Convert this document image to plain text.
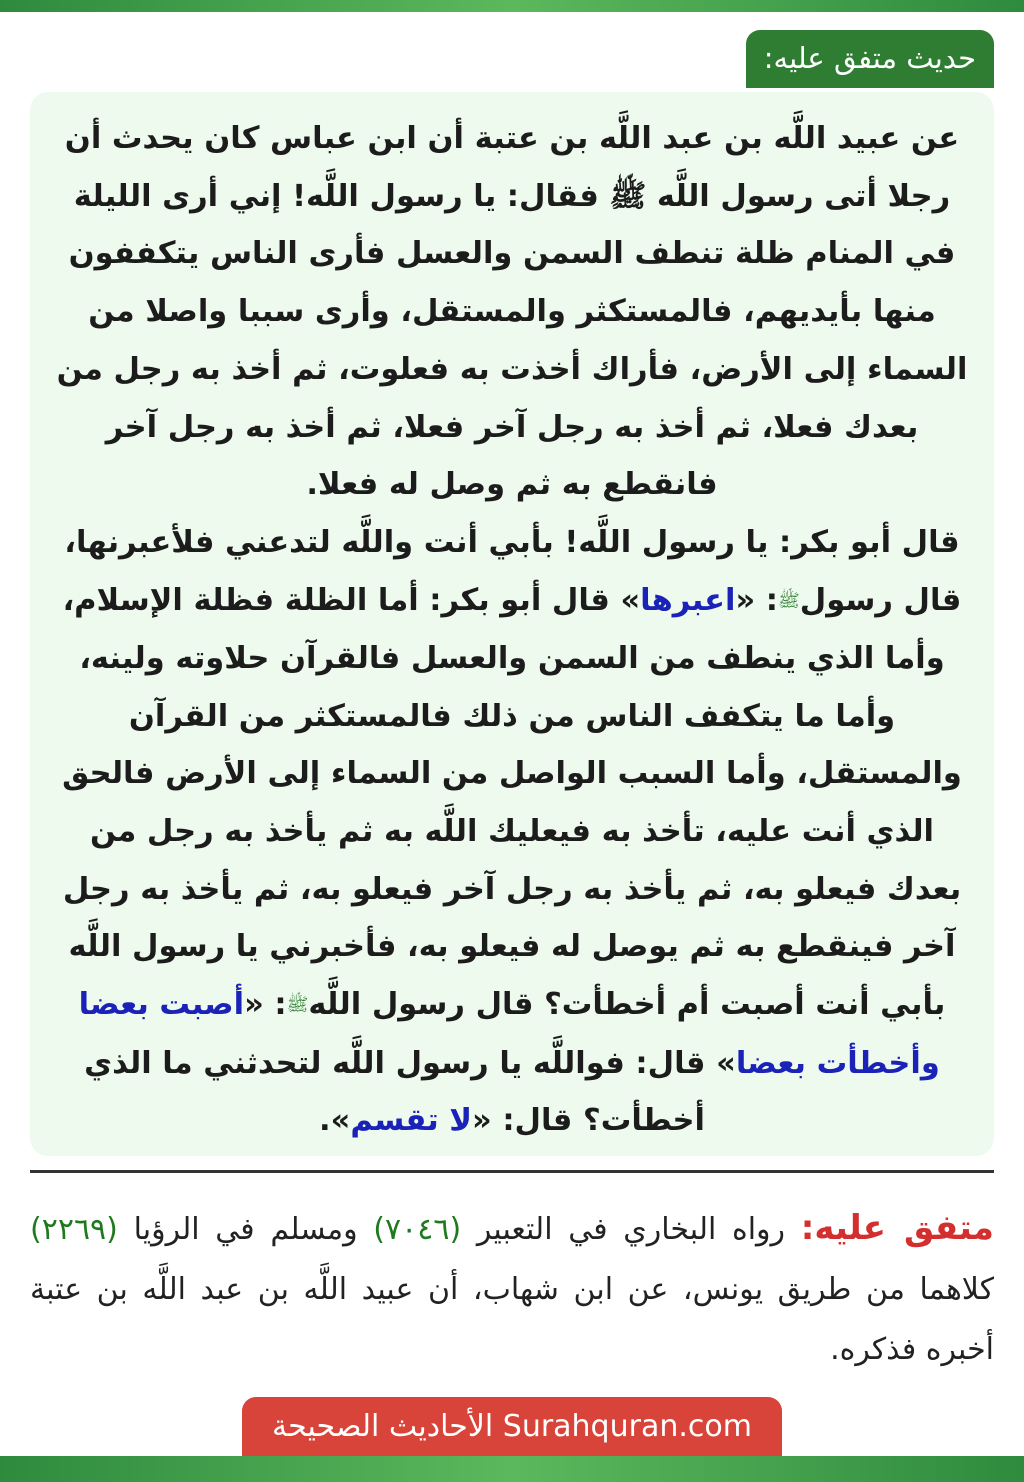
حديث متفق عليه:

عن عبيد اللَّه بن عبد اللَّه بن عتبة أن ابن عباس كان يحدث أن رجلا أتى رسول اللَّه ﷺ فقال: يا رسول اللَّه! إني أرى الليلة في المنام ظلة تنطف السمن والعسل فأرى الناس يتكففون منها بأيديهم، فالمستكثر والمستقل، وأرى سببا واصلا من السماء إلى الأرض، فأراك أخذت به فعلوت، ثم أخذ به رجل من بعدك فعلا، ثم أخذ به رجل آخر فعلا، ثم أخذ به رجل آخر فانقطع به ثم وصل له فعلا.

قال أبو بكر: يا رسول اللَّه! بأبي أنت واللَّه لتدعني فلأعبرنها، قال رسولﷺ: «اعبرها» قال أبو بكر: أما الظلة فظلة الإسلام، وأما الذي ينطف من السمن والعسل فالقرآن حلاوته ولينه، وأما ما يتكفف الناس من ذلك فالمستكثر من القرآن والمستقل، وأما السبب الواصل من السماء إلى الأرض فالحق الذي أنت عليه، تأخذ به فيعليك اللَّه به ثم يأخذ به رجل من بعدك فيعلو به، ثم يأخذ به رجل آخر فيعلو به، ثم يأخذ به رجل آخر فينقطع به ثم يوصل له فيعلو به، فأخبرني يا رسول اللَّه بأبي أنت أصبت أم أخطأت؟ قال رسول اللَّهﷺ: «أصبت بعضا وأخطأت بعضا» قال: فواللَّه يا رسول اللَّه لتحدثني ما الذي أخطأت؟ قال: «لا تقسم».

متفق عليه: رواه البخاري في التعبير (٧٠٤٦) ومسلم في الرؤيا (٢٢٦٩) كلاهما من طريق يونس، عن ابن شهاب، أن عبيد اللَّه بن عبد اللَّه بن عتبة أخبره فذكره.
الأحاديث الصحيحة Surahquran.com
